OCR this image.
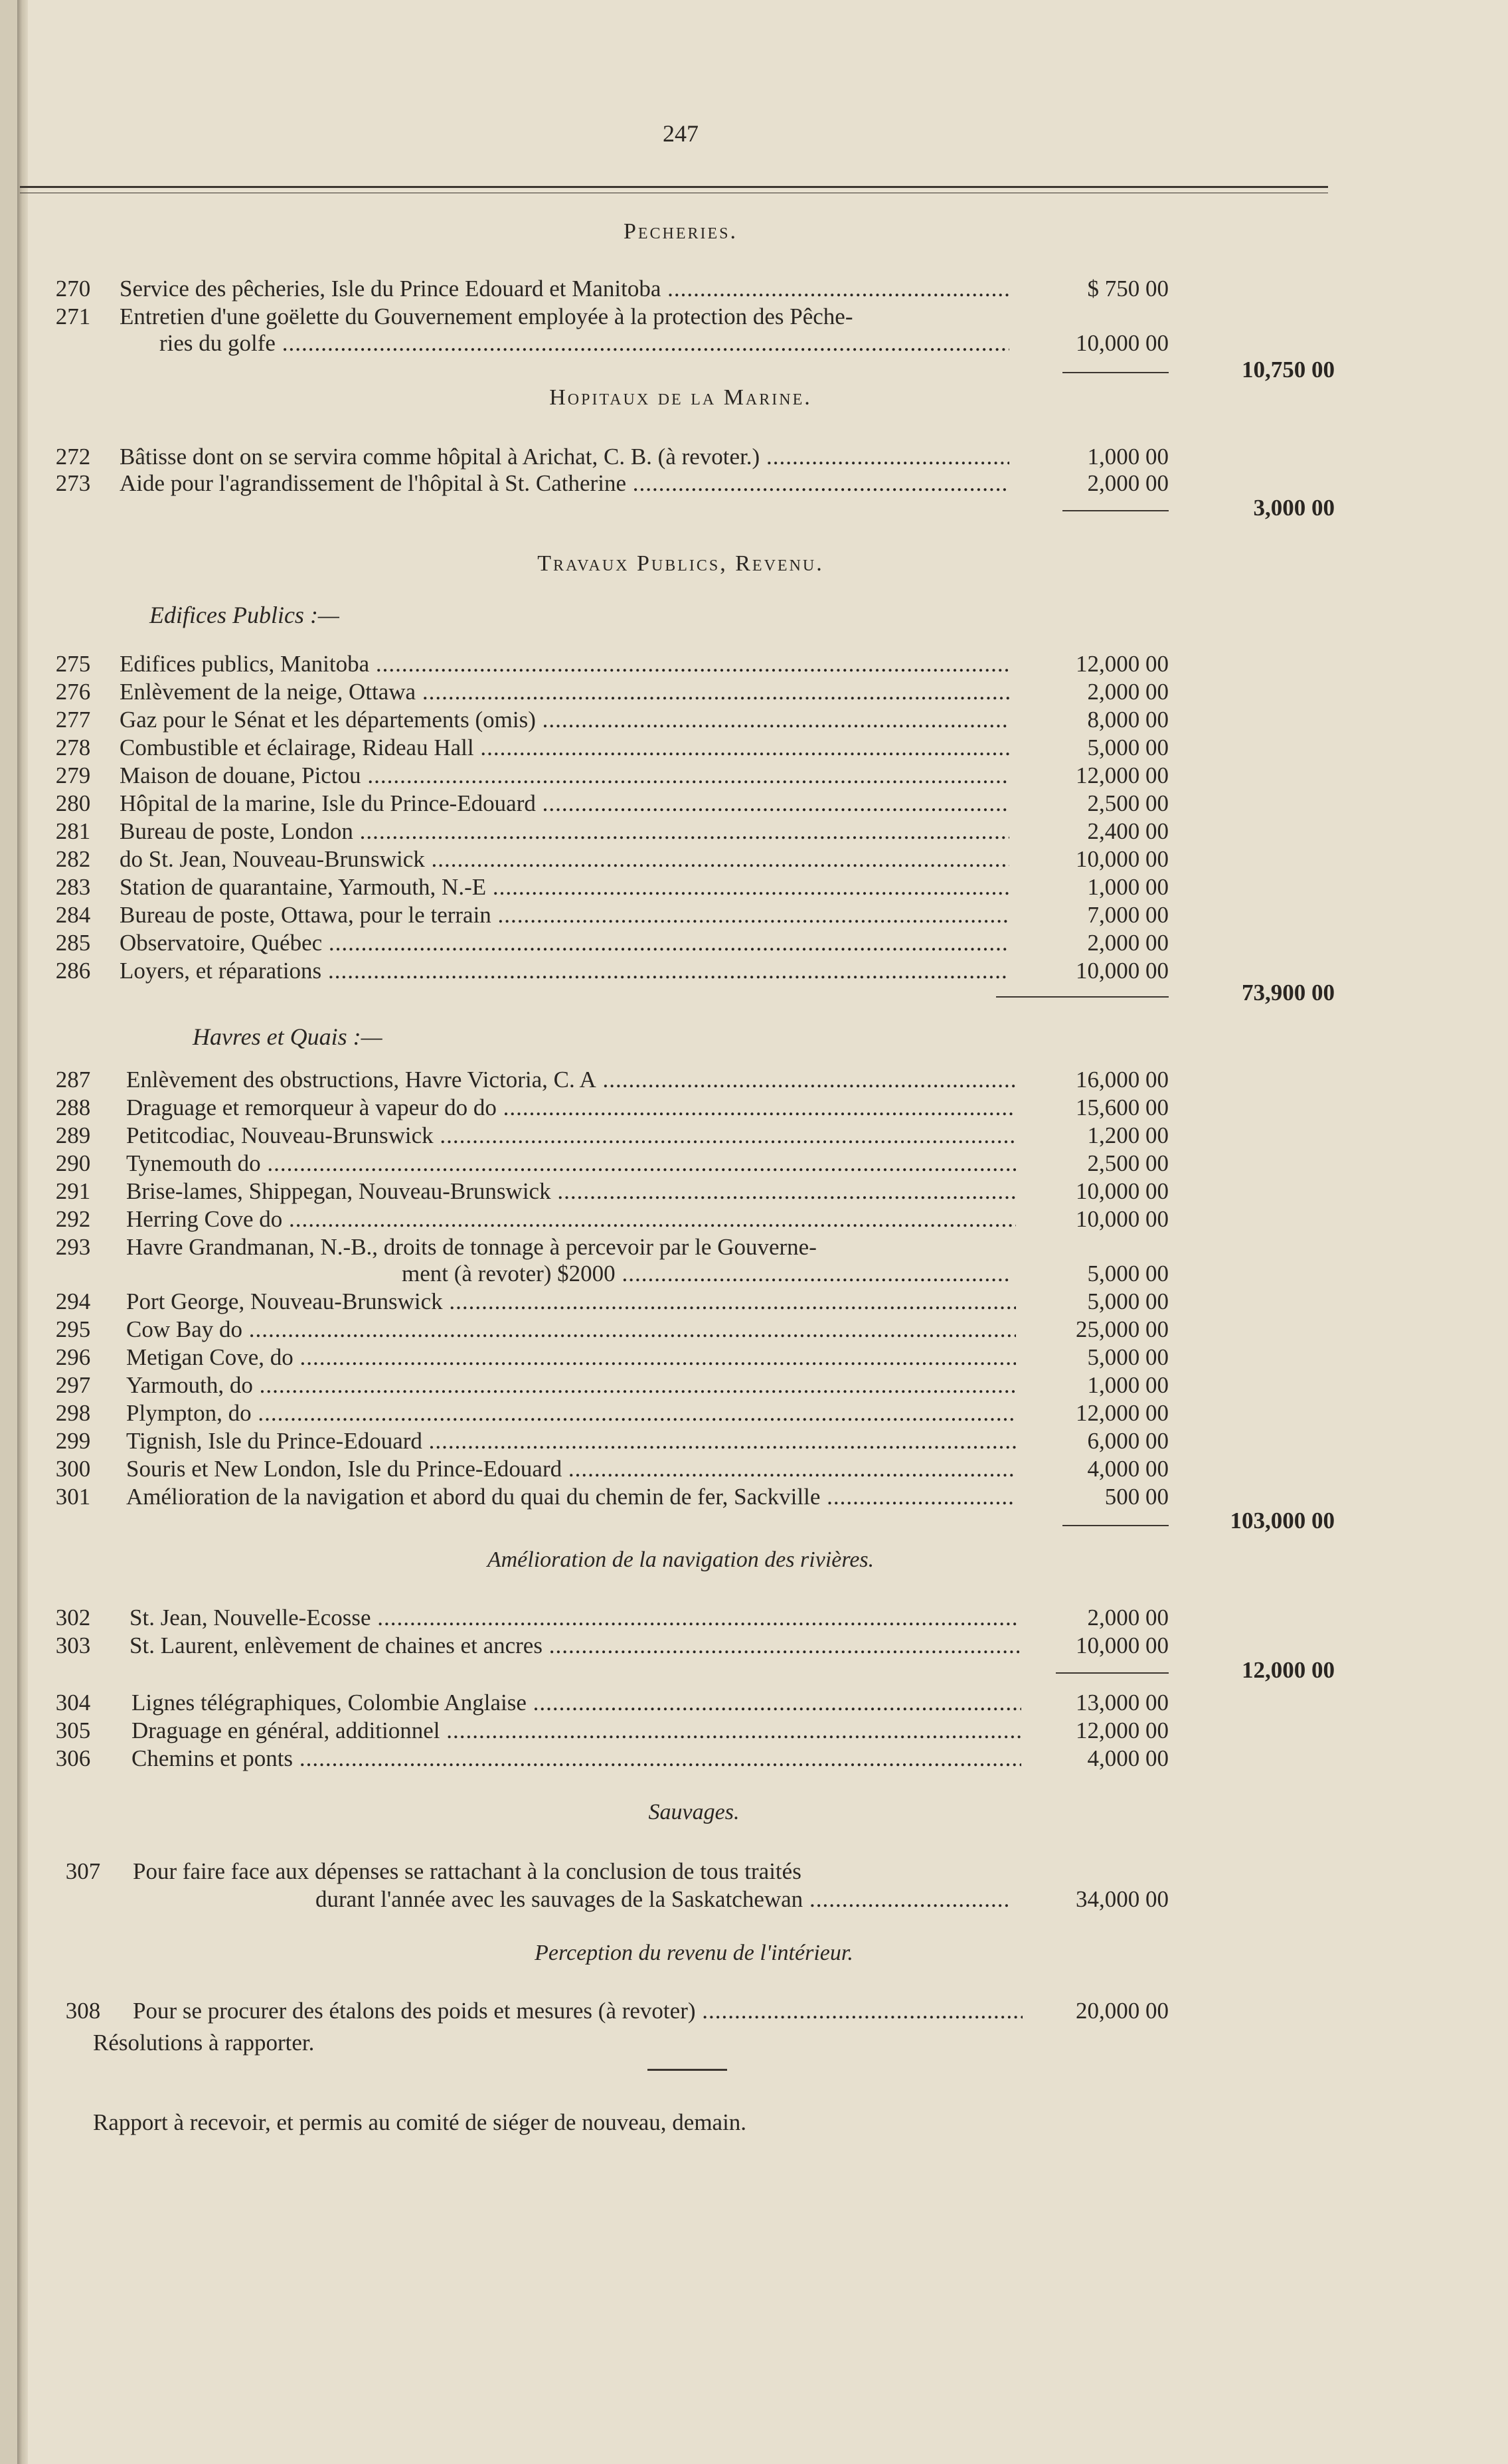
247
Pecheries.
270	Service des pêcheries, Isle du Prince Edouard et Manitoba .....	$ 750 00
271	Entretien d'une goëlette du Gouvernement employée à la protection des Pêche-
ries du golfe .....	10,000 00
10,750 00
Hopitaux de la Marine.
272	Bâtisse dont on se servira comme hôpital à Arichat, C. B. (à revoter.) .....	1,000 00
273	Aide pour l'agrandissement de l'hôpital à St. Catherine .....	2,000 00
3,000 00
Travaux Publics, Revenu.
Edifices Publics :—
275	Edifices publics, Manitoba .....	12,000 00
276	Enlèvement de la neige, Ottawa .....	2,000 00
277	Gaz pour le Sénat et les départements (omis) .....	8,000 00
278	Combustible et éclairage, Rideau Hall .....	5,000 00
279	Maison de douane, Pictou .....	12,000 00
280	Hôpital de la marine, Isle du Prince-Edouard .....	2,500 00
281	Bureau de poste, London .....	2,400 00
282	do St. Jean, Nouveau-Brunswick .....	10,000 00
283	Station de quarantaine, Yarmouth, N.-E .....	1,000 00
284	Bureau de poste, Ottawa, pour le terrain .....	7,000 00
285	Observatoire, Québec .....	2,000 00
286	Loyers, et réparations .....	10,000 00
73,900 00
Havres et Quais :—
287	Enlèvement des obstructions, Havre Victoria, C. A .....	16,000 00
288	Draguage et remorqueur à vapeur do do .....	15,600 00
289	Petitcodiac, Nouveau-Brunswick .....	1,200 00
290	Tynemouth do .....	2,500 00
291	Brise-lames, Shippegan, Nouveau-Brunswick .....	10,000 00
292	Herring Cove do .....	10,000 00
293	Havre Grandmanan, N.-B., droits de tonnage à percevoir par le Gouverne-
ment (à revoter) $2000 .....	5,000 00
294	Port George, Nouveau-Brunswick .....	5,000 00
295	Cow Bay do .....	25,000 00
296	Metigan Cove, do .....	5,000 00
297	Yarmouth, do .....	1,000 00
298	Plympton, do .....	12,000 00
299	Tignish, Isle du Prince-Edouard .....	6,000 00
300	Souris et New London, Isle du Prince-Edouard .....	4,000 00
301	Amélioration de la navigation et abord du quai du chemin de fer, Sackville .....	500 00
103,000 00
Amélioration de la navigation des rivières.
302	St. Jean, Nouvelle-Ecosse .....	2,000 00
303	St. Laurent, enlèvement de chaines et ancres .....	10,000 00
12,000 00
304	Lignes télégraphiques, Colombie Anglaise .....	13,000 00
305	Draguage en général, additionnel .....	12,000 00
306	Chemins et ponts .....	4,000 00
Sauvages.
307	Pour faire face aux dépenses se rattachant à la conclusion de tous traités
durant l'année avec les sauvages de la Saskatchewan .....	34,000 00
Perception du revenu de l'intérieur.
308	Pour se procurer des étalons des poids et mesures (à revoter) .....	20,000 00
Résolutions à rapporter.
Rapport à recevoir, et permis au comité de siéger de nouveau, demain.
